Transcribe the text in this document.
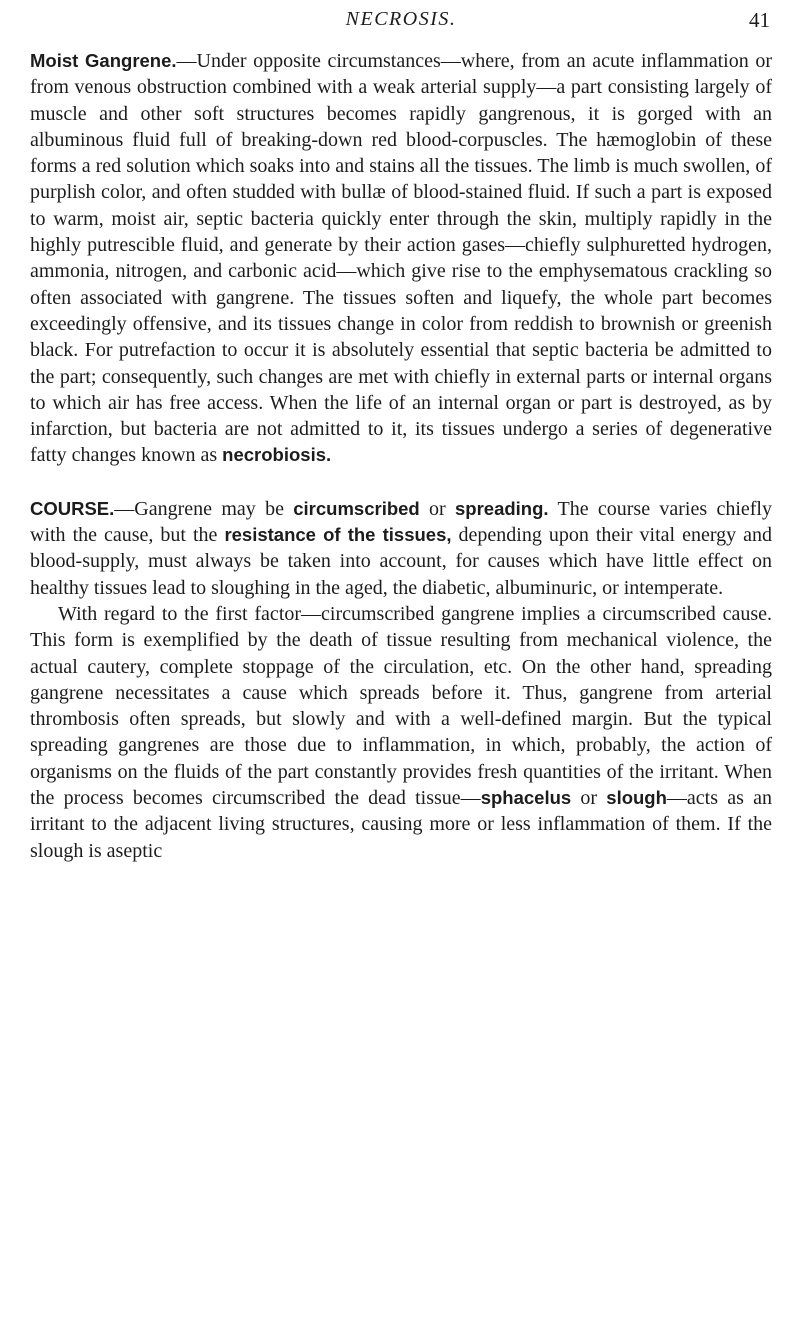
NECROSIS.	41

Moist Gangrene.—Under opposite circumstances—where, from an acute inflammation or from venous obstruction combined with a weak arterial supply—a part consisting largely of muscle and other soft structures becomes rapidly gangrenous, it is gorged with an albuminous fluid full of breaking-down red blood-corpuscles. The hæmoglobin of these forms a red solution which soaks into and stains all the tissues. The limb is much swollen, of purplish color, and often studded with bullæ of blood-stained fluid. If such a part is exposed to warm, moist air, septic bacteria quickly enter through the skin, multiply rapidly in the highly putrescible fluid, and generate by their action gases—chiefly sulphuretted hydrogen, ammonia, nitrogen, and carbonic acid—which give rise to the emphysematous crackling so often associated with gangrene. The tissues soften and liquefy, the whole part becomes exceedingly offensive, and its tissues change in color from reddish to brownish or greenish black. For putrefaction to occur it is absolutely essential that septic bacteria be admitted to the part; consequently, such changes are met with chiefly in external parts or internal organs to which air has free access. When the life of an internal organ or part is destroyed, as by infarction, but bacteria are not admitted to it, its tissues undergo a series of degenerative fatty changes known as necrobiosis.

COURSE.—Gangrene may be circumscribed or spreading. The course varies chiefly with the cause, but the resistance of the tissues, depending upon their vital energy and blood-supply, must always be taken into account, for causes which have little effect on healthy tissues lead to sloughing in the aged, the diabetic, albuminuric, or intemperate.

With regard to the first factor—circumscribed gangrene implies a circumscribed cause. This form is exemplified by the death of tissue resulting from mechanical violence, the actual cautery, complete stoppage of the circulation, etc. On the other hand, spreading gangrene necessitates a cause which spreads before it. Thus, gangrene from arterial thrombosis often spreads, but slowly and with a well-defined margin. But the typical spreading gangrenes are those due to inflammation, in which, probably, the action of organisms on the fluids of the part constantly provides fresh quantities of the irritant. When the process becomes circumscribed the dead tissue—sphacelus or slough—acts as an irritant to the adjacent living structures, causing more or less inflammation of them. If the slough is aseptic
